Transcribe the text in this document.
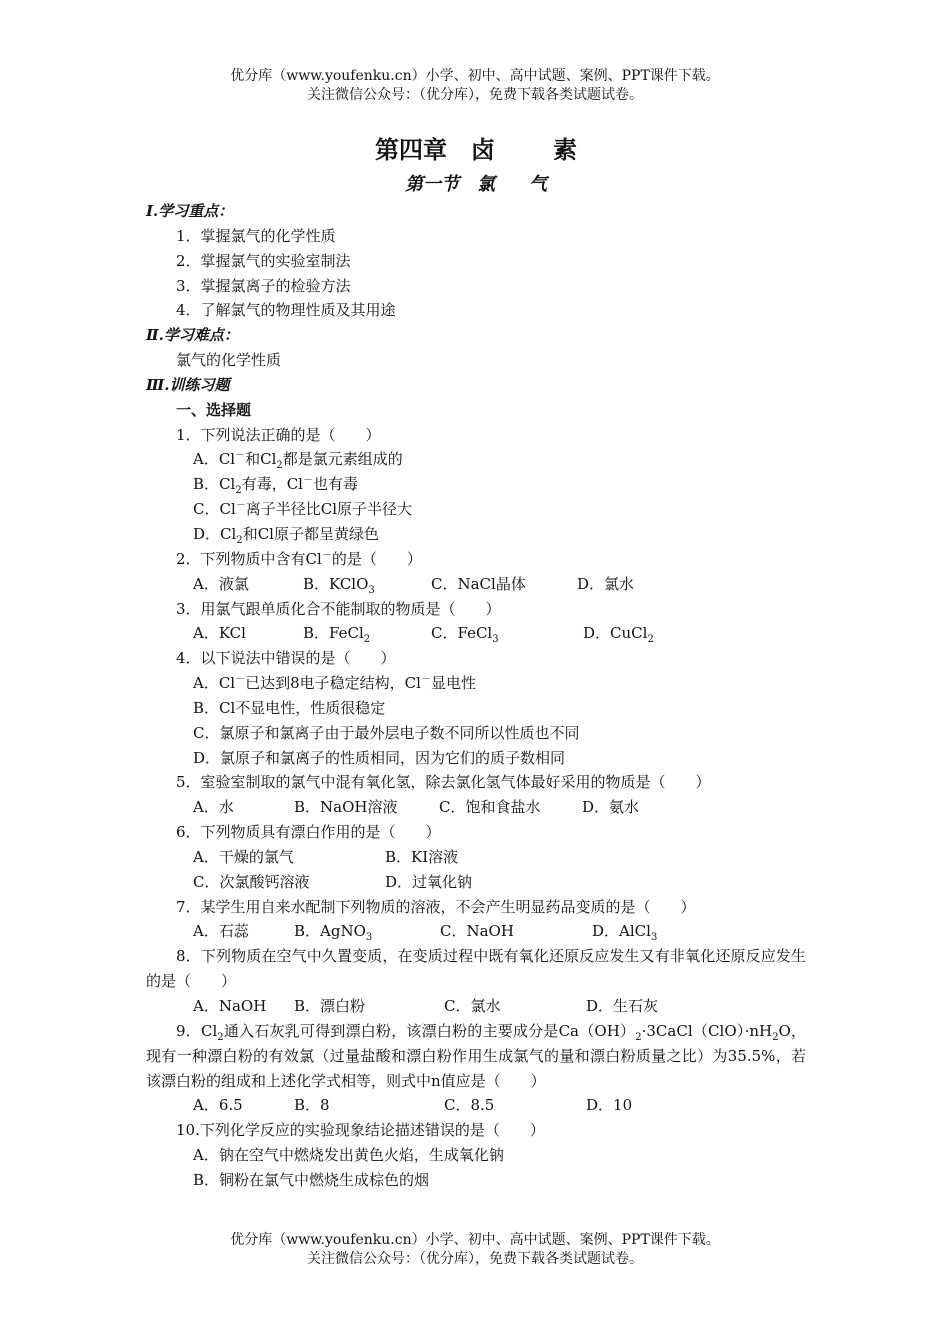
优分库（www.youfenku.cn）小学、初中、高中试题、案例、PPT课件下载。
关注微信公众号：（优分库），免费下载各类试题试卷。
第四章　卤 素
第一节　氯 气
Ⅰ.学习重点：
1．掌握氯气的化学性质
2．掌握氯气的实验室制法
3．掌握氯离子的检验方法
4．了解氯气的物理性质及其用途
Ⅱ.学习难点：
氯气的化学性质
Ⅲ.训练习题
一、选择题
1．下列说法正确的是（　　）
A．Cl－和$Cl_2$都是氯元素组成的
B．$Cl_2$有毒，Cl－也有毒
C．Cl－离子半径比Cl原子半径大
D．$Cl_2$和Cl原子都呈黄绿色
2．下列物质中含有Cl－的是（　　）
A．液氯	B．KClO$_3$	C．NaCl晶体	D．氯水
3．用氯气跟单质化合不能制取的物质是（　　）
A．KCl	B．FeCl$_2$	C．FeCl$_3$	D．CuCl$_2$
4．以下说法中错误的是（　　）
A．Cl－已达到8电子稳定结构，Cl－显电性
B．Cl不显电性，性质很稳定
C．氯原子和氯离子由于最外层电子数不同所以性质也不同
D．氯原子和氯离子的性质相同，因为它们的质子数相同
5．室验室制取的氯气中混有氧化氢，除去氯化氢气体最好采用的物质是（　　）
A．水	B．NaOH溶液	C．饱和食盐水	D．氨水
6．下列物质具有漂白作用的是（　　）
A．干燥的氯气	B．KI溶液
C．次氯酸钙溶液	D．过氧化钠
7．某学生用自来水配制下列物质的溶液，不会产生明显药品变质的是（　　）
A．石蕊	B．AgNO$_3$	C．NaOH	D．AlCl$_3$
8．下列物质在空气中久置变质，在变质过程中既有氧化还原反应发生又有非氧化还原反应发生的是（　　）
A．NaOH	B．漂白粉	C．氯水	D．生石灰
9．$Cl_2$通入石灰乳可得到漂白粉，该漂白粉的主要成分是$Ca(OH)_2\cdot 3CaCl(ClO)\cdot nH_2O$，现有一种漂白粉的有效氯（过量盐酸和漂白粉作用生成氯气的量和漂白粉质量之比）为35.5%，若该漂白粉的组成和上述化学式相等，则式中n值应是（　　）
A．6.5	B．8	C．8.5	D．10
10.下列化学反应的实验现象结论描述错误的是（　　）
A．钠在空气中燃烧发出黄色火焰，生成氧化钠
B．铜粉在氯气中燃烧生成棕色的烟
优分库（www.youfenku.cn）小学、初中、高中试题、案例、PPT课件下载。
关注微信公众号：（优分库），免费下载各类试题试卷。
